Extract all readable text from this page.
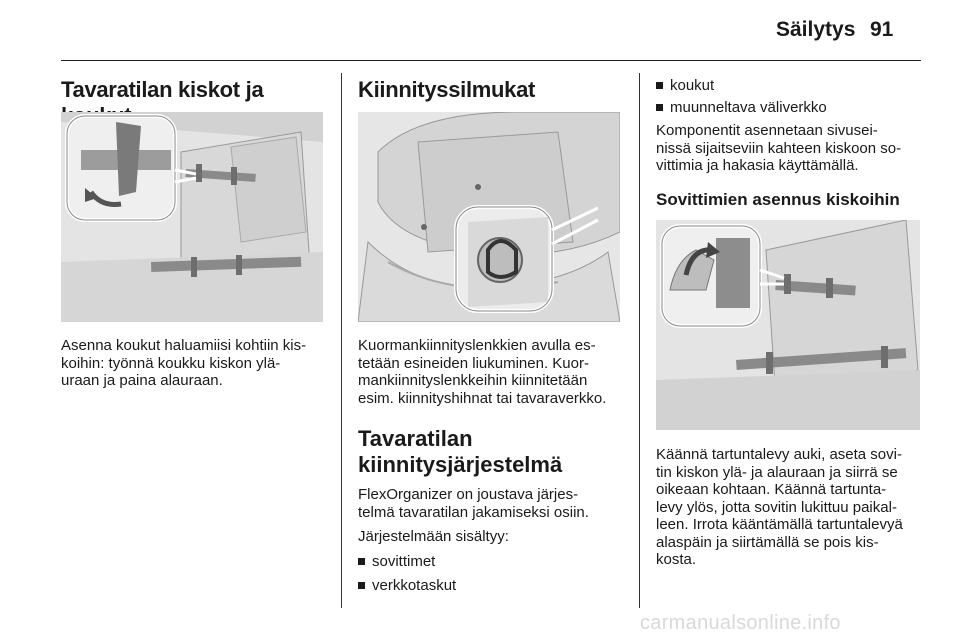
Säilytys 91
Tavaratilan kiskot ja

Asenna koukut haluamiisi kohtiin kis-

koihin: työnnä koukku kiskon ylä-

uraan ja paina alauraan.

Kiinnityssilmukat

Kuormankiinnityslenkkien avulla es-

tetään esineiden liukuminen. Kuor-

mankiinnityslenkkeihin kiinnitetään

esim. kiinnityshihnat tai tavaraverkko.

Tavaratilan
kiinnitysjärjestelmä

FlexOrganizer on joustava järjes-

telmä tavaratilan jakamiseksi osiin.

Järjestelmään sisältyy:

sovittimet
verkkotaskut
koukut
muunneltava väliverkko

Komponentit asennetaan sivusei-

nissä sijaitseviin kahteen kiskoon so-

vittimia ja hakasia käyttämällä.

Sovittimien asennus kiskoihin

Käännä tartuntalevy auki, aseta sovi-

tin kiskon ylä- ja alauraan ja siirrä se

oikeaan kohtaan. Käännä tartunta-

levy ylös, jotta sovitin lukittuu paikal-

leen. Irrota kääntämällä tartuntalevyä

alaspäin ja siirtämällä se pois kis-

kosta.

carmanualsonline.info
